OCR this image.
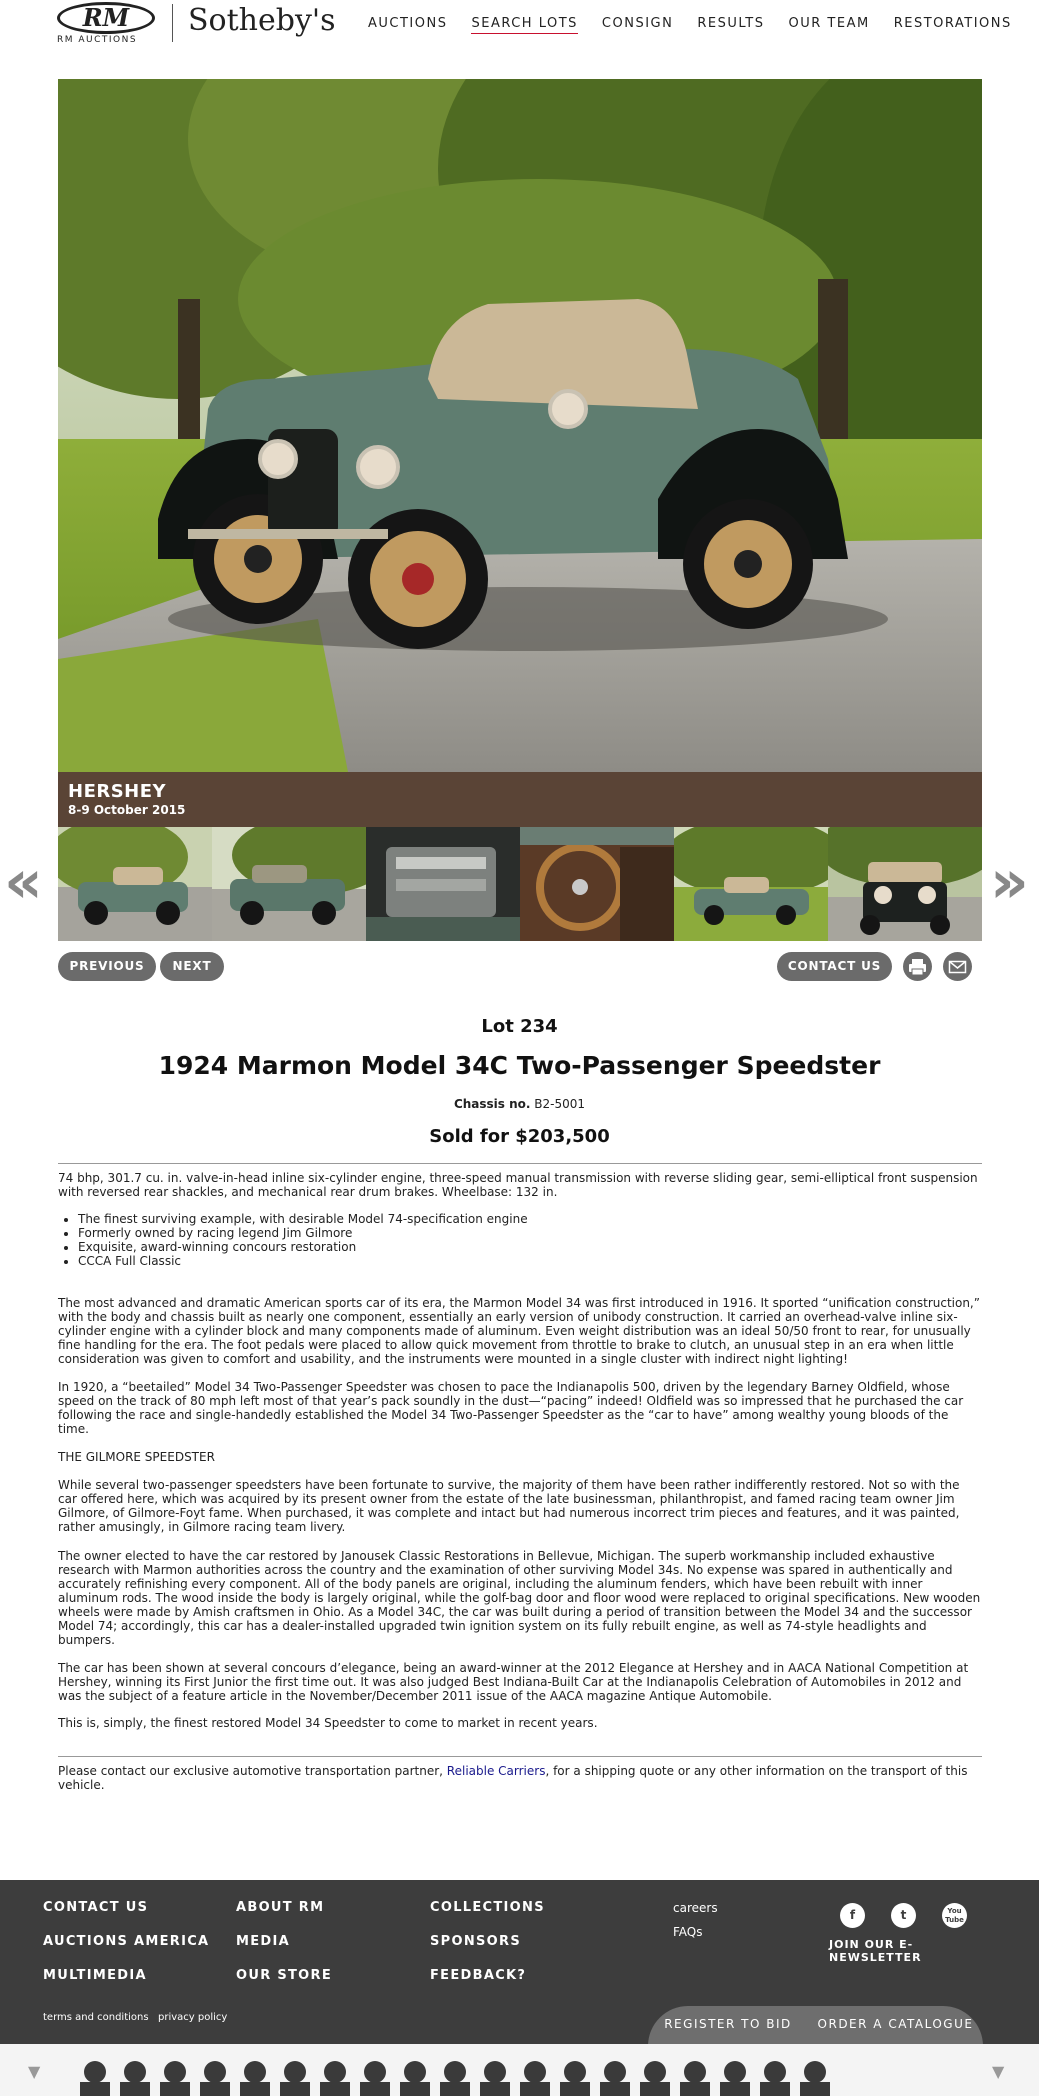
RM
RM AUCTIONS
Sotheby's AUCTIONS SEARCH LOTS CONSIGN RESULTS OUR TEAM RESTORATIONS
HERSHEY
8-9 October 2015
«	»
PREVIOUS	NEXT	CONTACT US
Lot 234
1924 Marmon Model 34C Two-Passenger Speedster
Chassis no. B2-5001
Sold for $203,500
74 bhp, 301.7 cu. in. valve-in-head inline six-cylinder engine, three-speed manual transmission with reverse sliding gear, semi-elliptical front suspension with reversed rear shackles, and mechanical rear drum brakes. Wheelbase: 132 in.
• The finest surviving example, with desirable Model 74-specification engine
• Formerly owned by racing legend Jim Gilmore
• Exquisite, award-winning concours restoration
• CCCA Full Classic
The most advanced and dramatic American sports car of its era, the Marmon Model 34 was first introduced in 1916. It sported “unification construction,” with the body and chassis built as nearly one component, essentially an early version of unibody construction. It carried an overhead-valve inline six-cylinder engine with a cylinder block and many components made of aluminum. Even weight distribution was an ideal 50/50 front to rear, for unusually fine handling for the era. The foot pedals were placed to allow quick movement from throttle to brake to clutch, an unusual step in an era when little consideration was given to comfort and usability, and the instruments were mounted in a single cluster with indirect night lighting!
In 1920, a “beetailed” Model 34 Two-Passenger Speedster was chosen to pace the Indianapolis 500, driven by the legendary Barney Oldfield, whose speed on the track of 80 mph left most of that year’s pack soundly in the dust—“pacing” indeed! Oldfield was so impressed that he purchased the car following the race and single-handedly established the Model 34 Two-Passenger Speedster as the “car to have” among wealthy young bloods of the time.
THE GILMORE SPEEDSTER
While several two-passenger speedsters have been fortunate to survive, the majority of them have been rather indifferently restored. Not so with the car offered here, which was acquired by its present owner from the estate of the late businessman, philanthropist, and famed racing team owner Jim Gilmore, of Gilmore-Foyt fame. When purchased, it was complete and intact but had numerous incorrect trim pieces and features, and it was painted, rather amusingly, in Gilmore racing team livery.
The owner elected to have the car restored by Janousek Classic Restorations in Bellevue, Michigan. The superb workmanship included exhaustive research with Marmon authorities across the country and the examination of other surviving Model 34s. No expense was spared in authentically and accurately refinishing every component. All of the body panels are original, including the aluminum fenders, which have been rebuilt with inner aluminum rods. The wood inside the body is largely original, while the golf-bag door and floor wood were replaced to original specifications. New wooden wheels were made by Amish craftsmen in Ohio. As a Model 34C, the car was built during a period of transition between the Model 34 and the successor Model 74; accordingly, this car has a dealer-installed upgraded twin ignition system on its fully rebuilt engine, as well as 74-style headlights and bumpers.
The car has been shown at several concours d’elegance, being an award-winner at the 2012 Elegance at Hershey and in AACA National Competition at Hershey, winning its First Junior the first time out. It was also judged Best Indiana-Built Car at the Indianapolis Celebration of Automobiles in 2012 and was the subject of a feature article in the November/December 2011 issue of the AACA magazine Antique Automobile.
This is, simply, the finest restored Model 34 Speedster to come to market in recent years.
Please contact our exclusive automotive transportation partner, Reliable Carriers, for a shipping quote or any other information on the transport of this vehicle.
CONTACT US
AUCTIONS AMERICA
MULTIMEDIA
ABOUT RM
MEDIA
OUR STORE
COLLECTIONS
SPONSORS
FEEDBACK?
careers
FAQs
f	t	You Tube
JOIN OUR E-NEWSLETTER
terms and conditions privacy policy	REGISTER TO BID	ORDER A CATALOGUE
▼	▼
